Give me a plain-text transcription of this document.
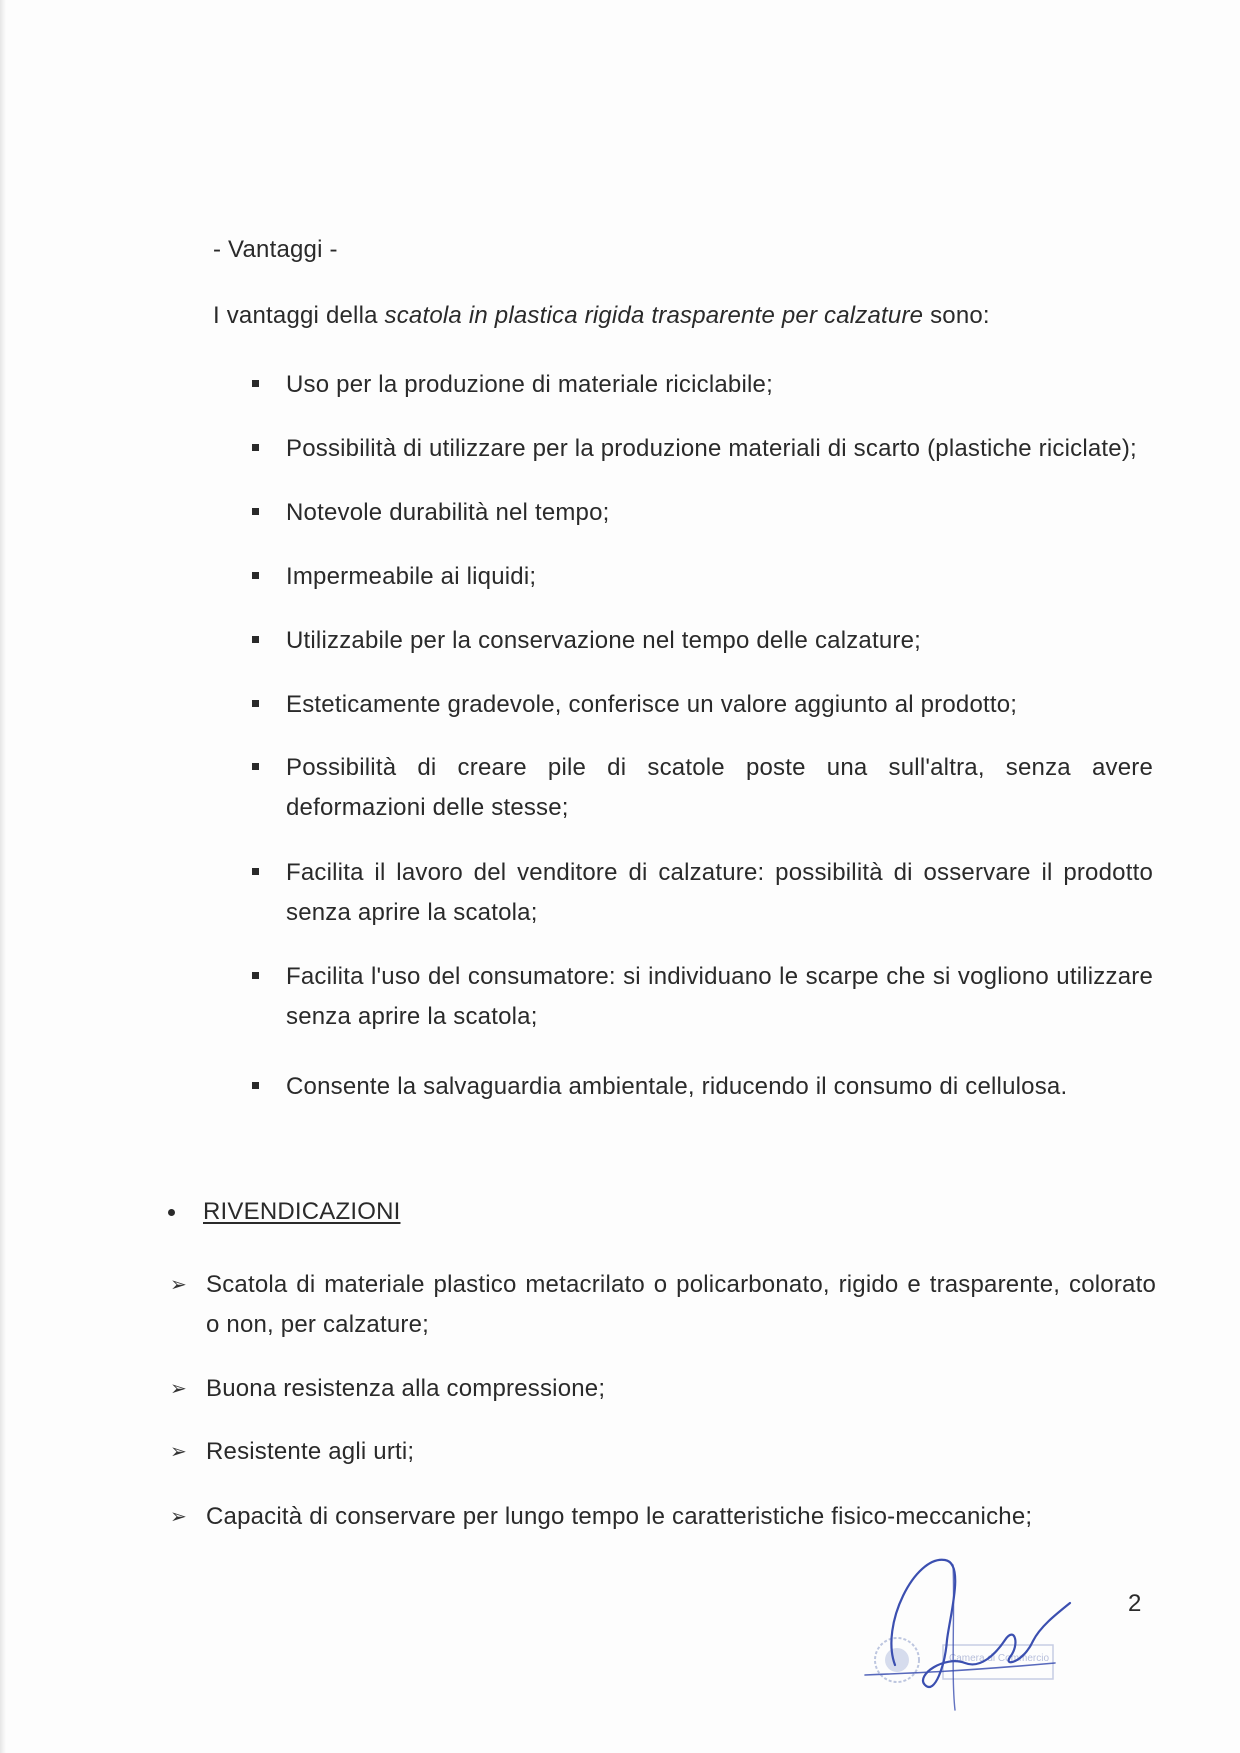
- Vantaggi -
I vantaggi della scatola in plastica rigida trasparente per calzature sono:
Uso per la produzione di materiale riciclabile;
Possibilità di utilizzare per la produzione materiali di scarto (plastiche riciclate);
Notevole durabilità nel tempo;
Impermeabile ai liquidi;
Utilizzabile per la conservazione nel tempo delle calzature;
Esteticamente gradevole, conferisce un valore aggiunto al prodotto;
Possibilità di creare pile di scatole poste una sull'altra, senza avere deformazioni delle stesse;
Facilita il lavoro del venditore di calzature: possibilità di osservare il prodotto senza aprire la scatola;
Facilita l'uso del consumatore: si individuano le scarpe che si vogliono utilizzare senza aprire la scatola;
Consente la salvaguardia ambientale, riducendo il consumo di cellulosa.
RIVENDICAZIONI
➢ Scatola di materiale plastico metacrilato o policarbonato, rigido e trasparente, colorato o non, per calzature;
➢ Buona resistenza alla compressione;
➢ Resistente agli urti;
➢ Capacità di conservare per lungo tempo le caratteristiche fisico-meccaniche;
2
Camera di Commercio
